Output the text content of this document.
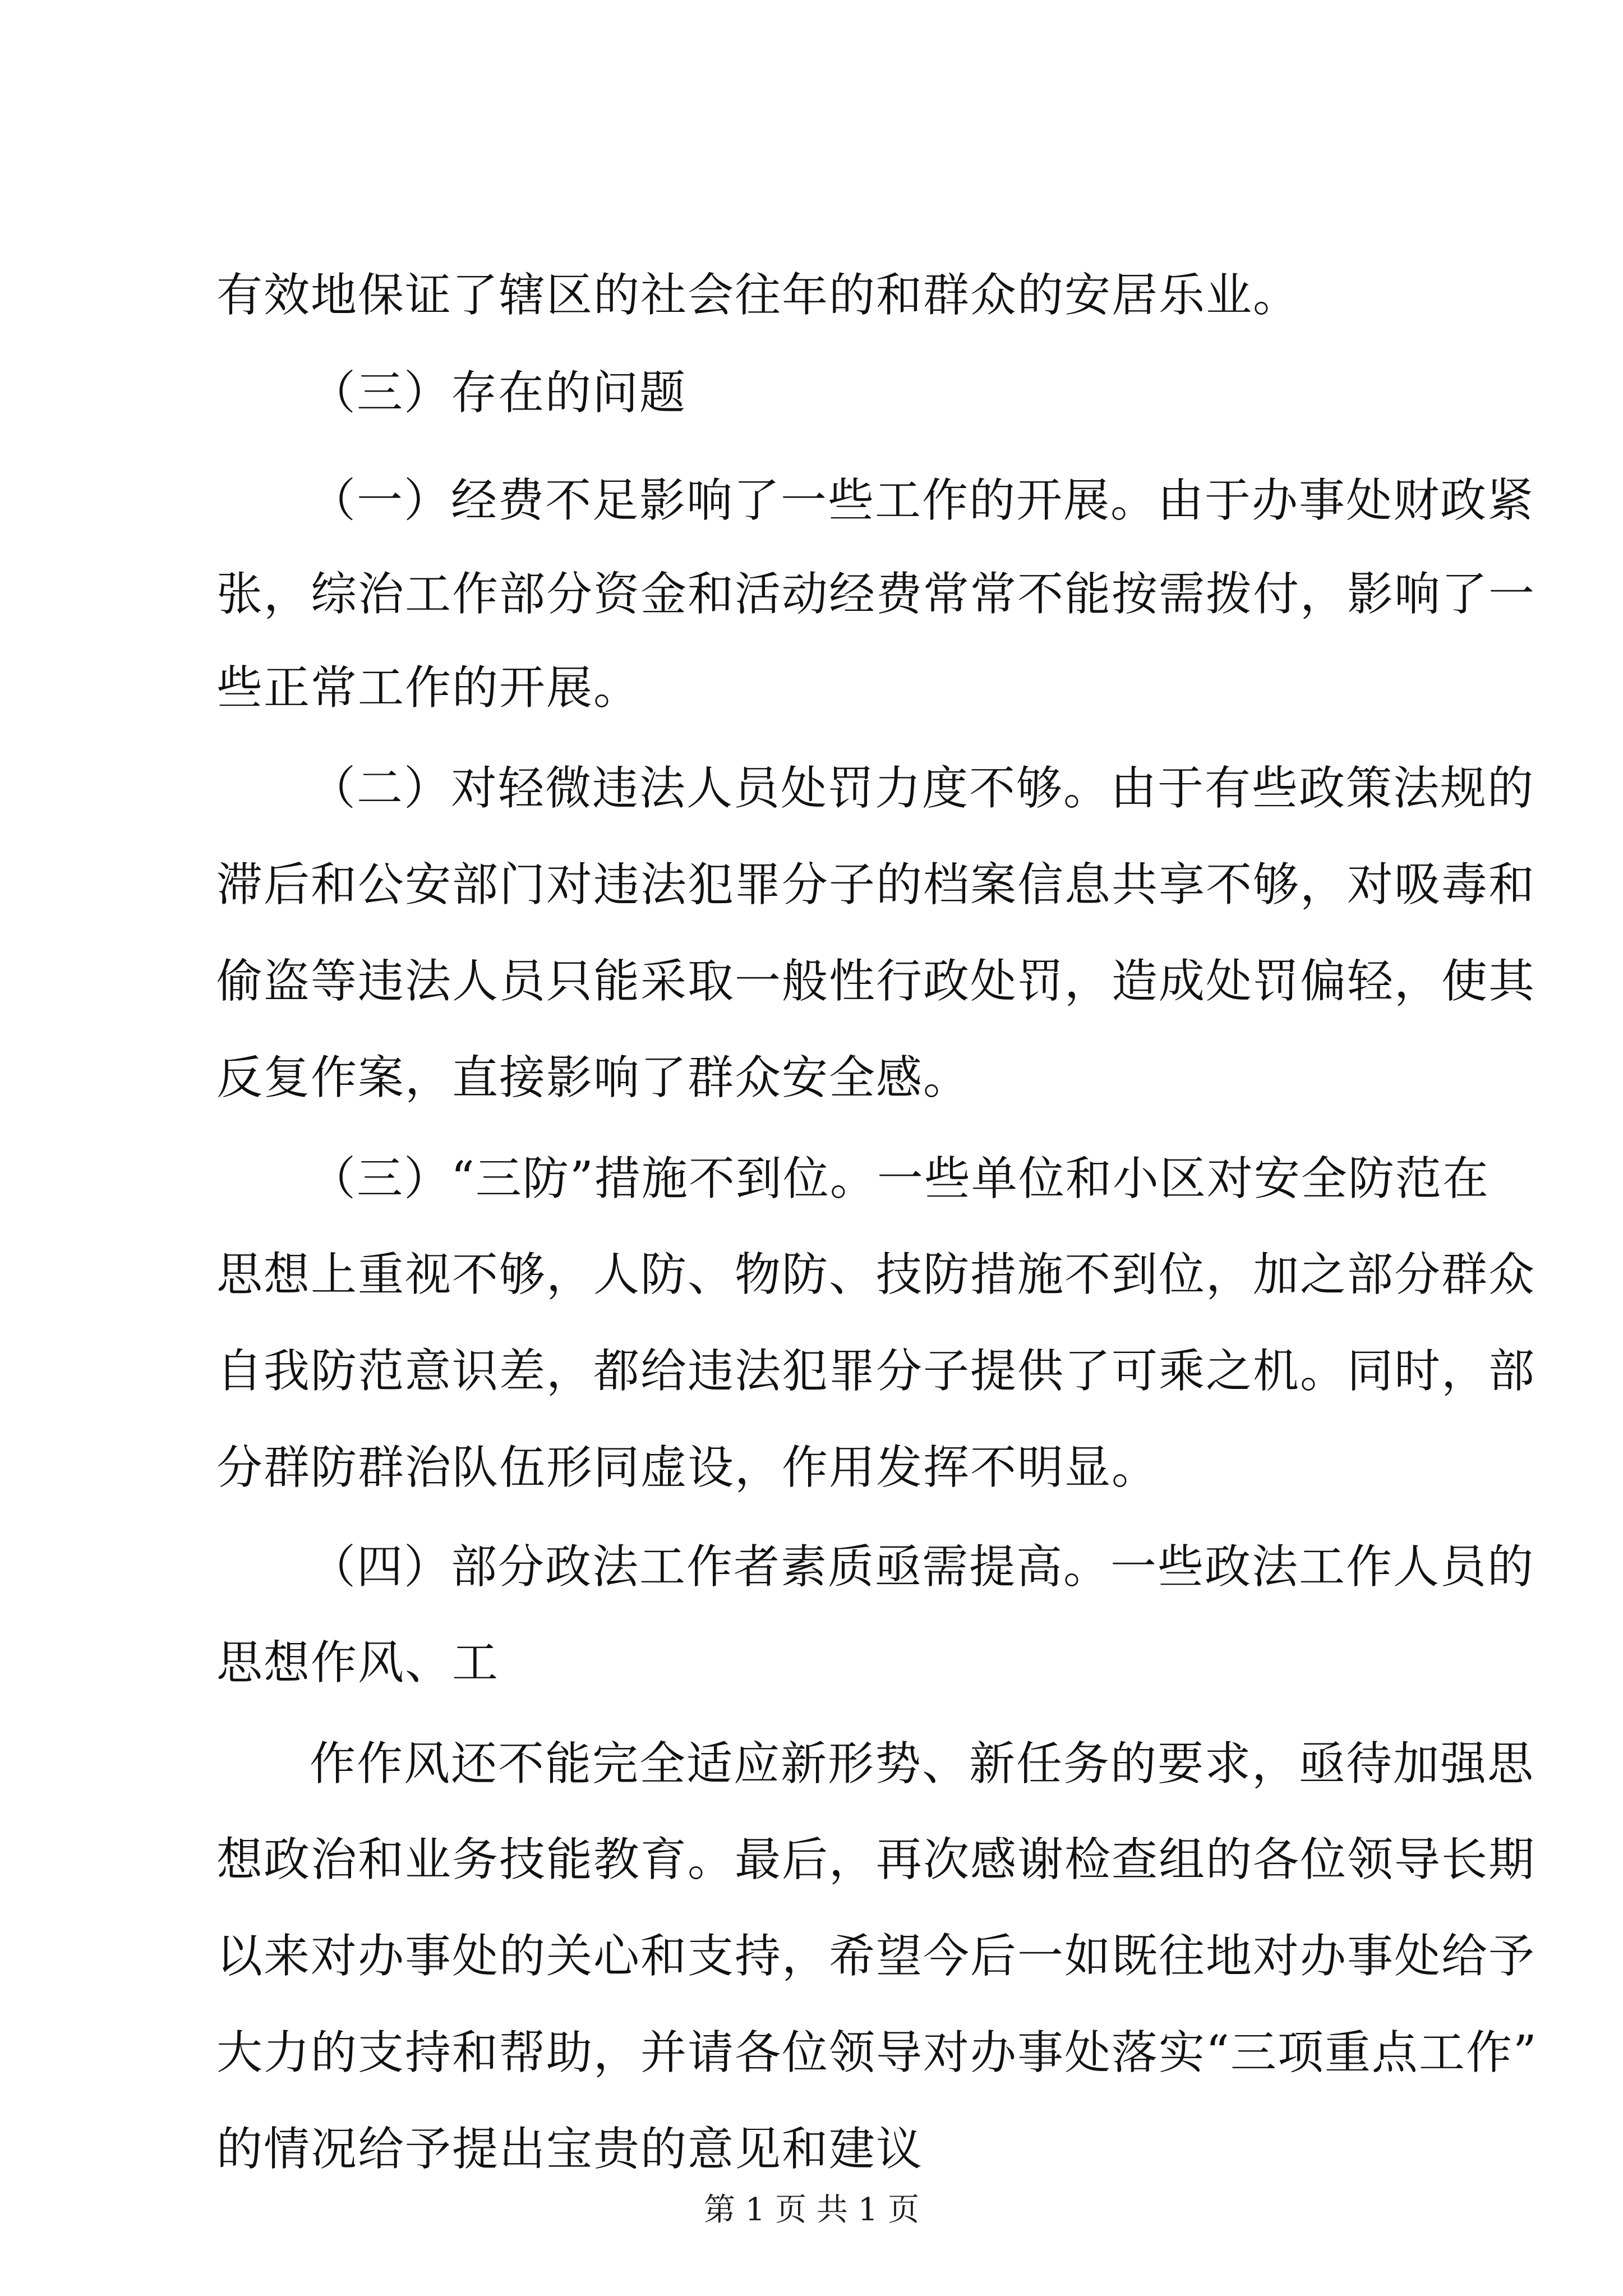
有效地保证了辖区的社会往年的和群众的安居乐业。
（三）存在的问题
（一）经费不足影响了一些工作的开展。由于办事处财政紧
张，综治工作部分资金和活动经费常常不能按需拨付，影响了一
些正常工作的开展。
（二）对轻微违法人员处罚力度不够。由于有些政策法规的
滞后和公安部门对违法犯罪分子的档案信息共享不够，对吸毒和
偷盗等违法人员只能采取一般性行政处罚，造成处罚偏轻，使其
反复作案，直接影响了群众安全感。
（三）“三防”措施不到位。一些单位和小区对安全防范在
思想上重视不够，人防、物防、技防措施不到位，加之部分群众
自我防范意识差，都给违法犯罪分子提供了可乘之机。同时，部
分群防群治队伍形同虚设，作用发挥不明显。
（四）部分政法工作者素质亟需提高。一些政法工作人员的
思想作风、工
作作风还不能完全适应新形势、新任务的要求，亟待加强思
想政治和业务技能教育。最后，再次感谢检查组的各位领导长期
以来对办事处的关心和支持，希望今后一如既往地对办事处给予
大力的支持和帮助，并请各位领导对办事处落实“三项重点工作”
的情况给予提出宝贵的意见和建议
第 1 页 共 1 页
